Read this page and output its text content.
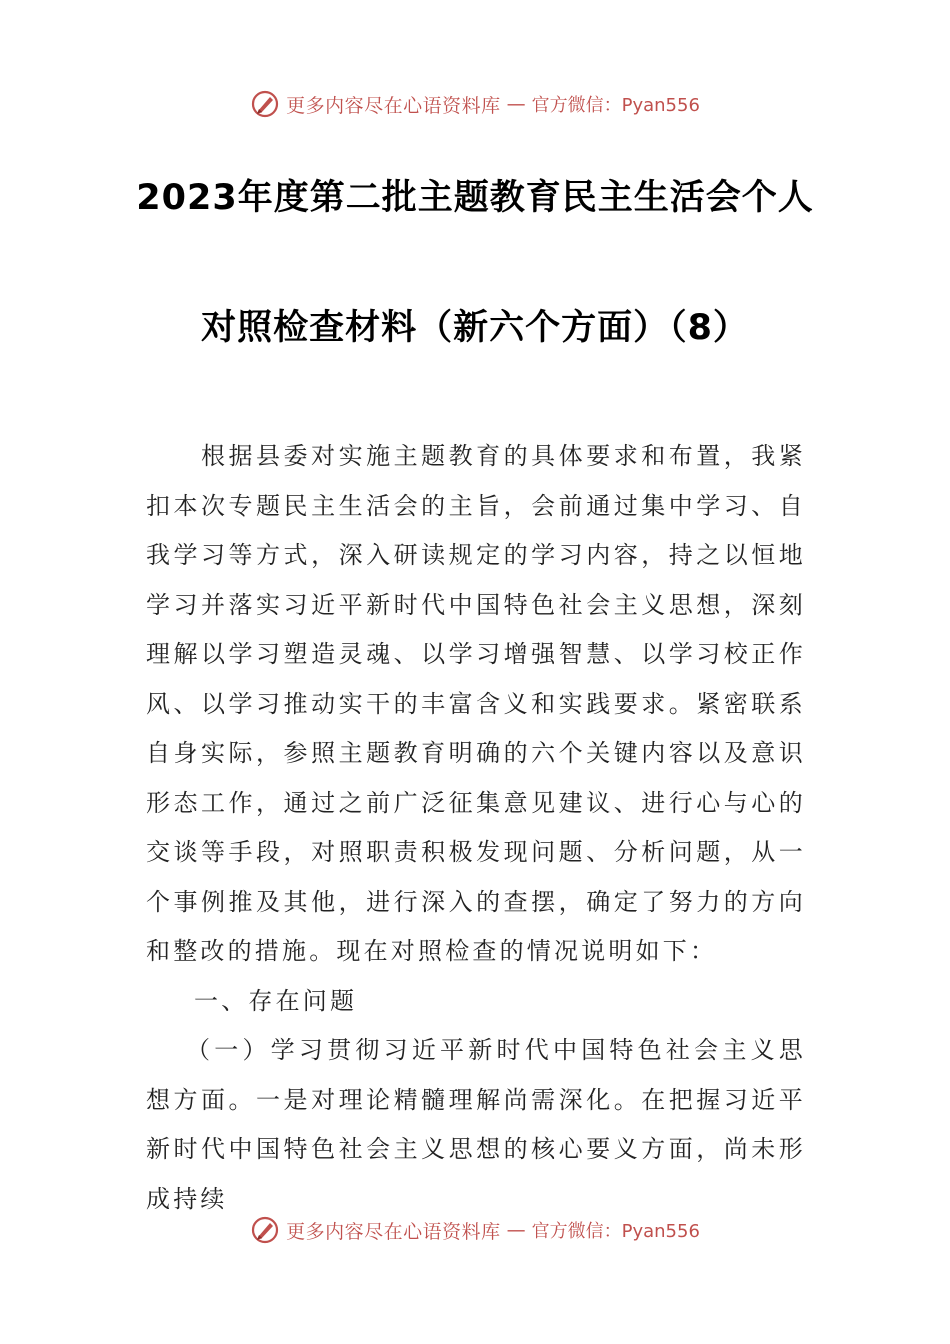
更多内容尽在心语资料库 — 官方微信：Pyan556
2023年度第二批主题教育民主生活会个人
对照检查材料（新六个方面）（8）

根据县委对实施主题教育的具体要求和布置，我紧扣本次专题民主生活会的主旨，会前通过集中学习、自我学习等方式，深入研读规定的学习内容，持之以恒地学习并落实习近平新时代中国特色社会主义思想，深刻理解以学习塑造灵魂、以学习增强智慧、以学习校正作风、以学习推动实干的丰富含义和实践要求。紧密联系自身实际，参照主题教育明确的六个关键内容以及意识形态工作，通过之前广泛征集意见建议、进行心与心的交谈等手段，对照职责积极发现问题、分析问题，从一个事例推及其他，进行深入的查摆，确定了努力的方向和整改的措施。现在对照检查的情况说明如下：

一、存在问题

（一）学习贯彻习近平新时代中国特色社会主义思想方面。一是对理论精髓理解尚需深化。在把握习近平新时代中国特色社会主义思想的核心要义方面，尚未形成持续

更多内容尽在心语资料库 — 官方微信：Pyan556
